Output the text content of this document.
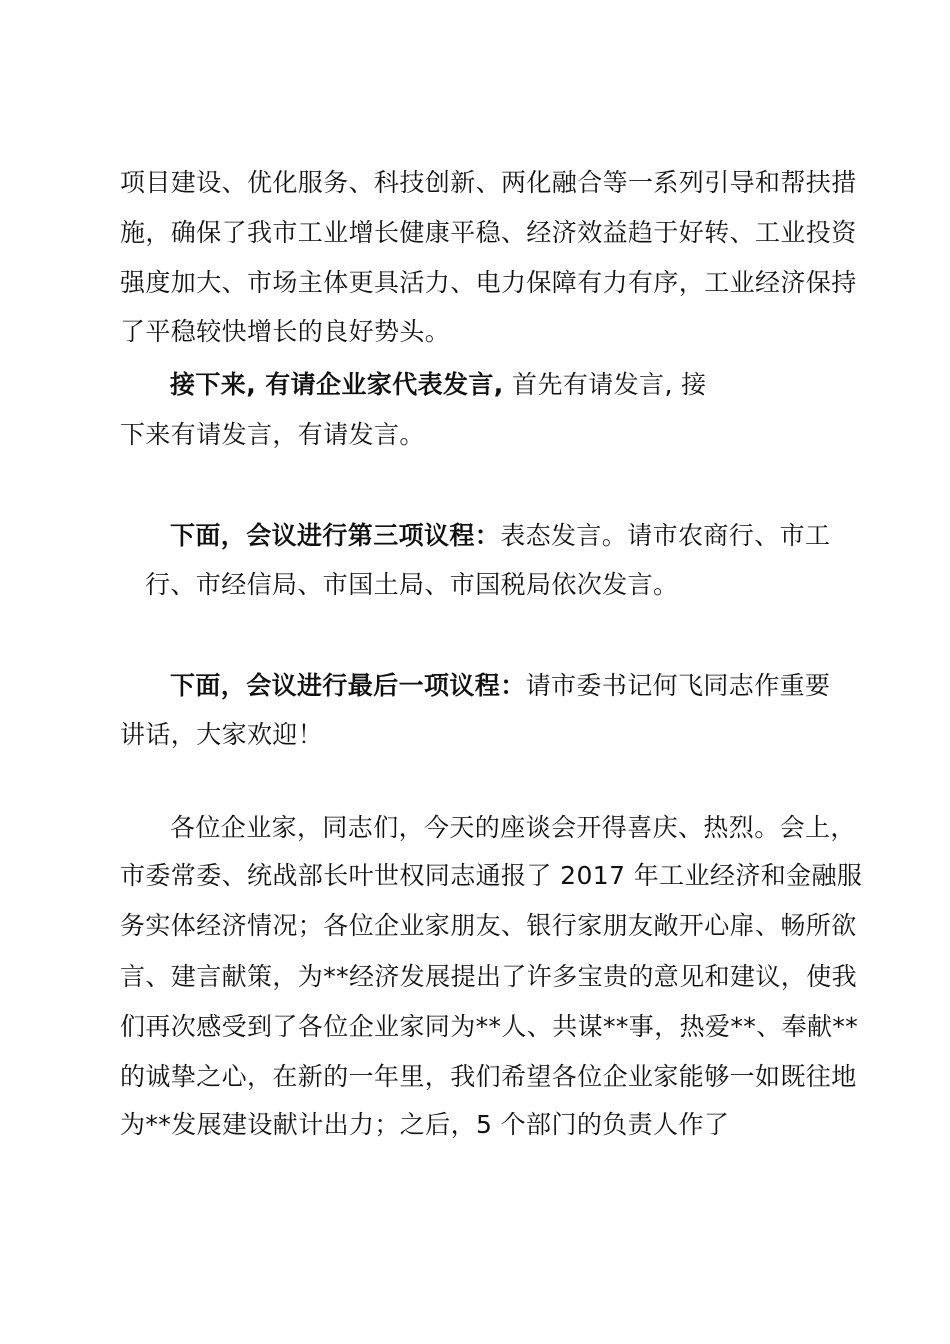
项目建设、优化服务、科技创新、两化融合等一系列引导和帮扶措
施，确保了我市工业增长健康平稳、经济效益趋于好转、工业投资
强度加大、市场主体更具活力、电力保障有力有序，工业经济保持
了平稳较快增长的良好势头。
接下来, 有请企业家代表发言, 首先有请发言, 接
下来有请发言，有请发言。
下面，会议进行第三项议程：表态发言。请市农商行、市工
行、市经信局、市国土局、市国税局依次发言。
下面，会议进行最后一项议程：请市委书记何飞同志作重要
讲话，大家欢迎！
各位企业家，同志们，今天的座谈会开得喜庆、热烈。会上，
市委常委、统战部长叶世权同志通报了 2017 年工业经济和金融服
务实体经济情况；各位企业家朋友、银行家朋友敞开心扉、畅所欲
言、建言献策，为**经济发展提出了许多宝贵的意见和建议，使我
们再次感受到了各位企业家同为**人、共谋**事，热爱**、奉献**
的诚挚之心，在新的一年里，我们希望各位企业家能够一如既往地
为**发展建设献计出力；之后，5 个部门的负责人作了
